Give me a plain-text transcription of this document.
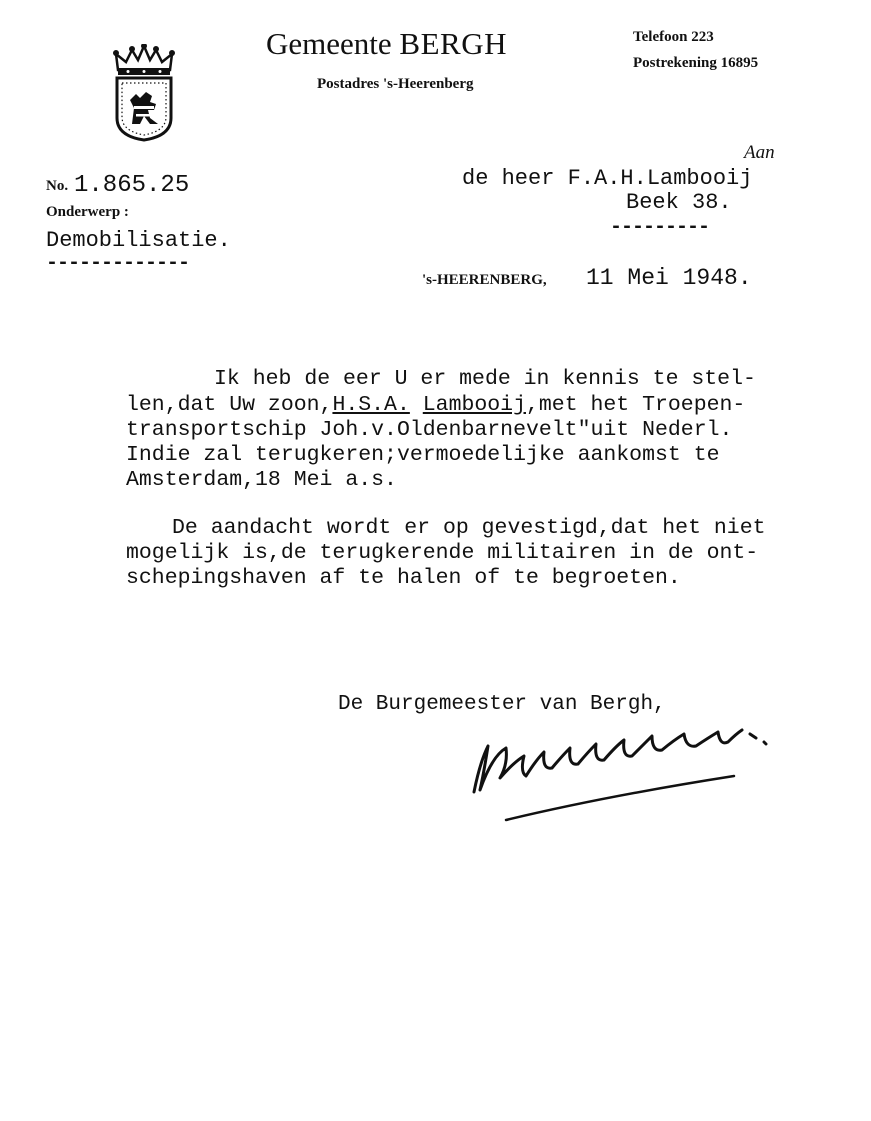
Gemeente BERGH
Postadres 's-Heerenberg
Telefoon 223
Postrekening 16895
No. 1.865.25
Onderwerp :
Demobilisatie.
-------------
Aan
de heer F.A.H.Lambooij
Beek 38.
---------
's-HEERENBERG, 11 Mei 1948.
Ik heb de eer U er mede in kennis te stel-
len,dat Uw zoon,H.S.A. Lambooij,met het Troepen-
transportschip Joh.v.Oldenbarnevelt"uit Nederl.
Indie zal terugkeren;vermoedelijke aankomst te
Amsterdam,18 Mei a.s.
De aandacht wordt er op gevestigd,dat het niet
mogelijk is,de terugkerende militairen in de ont-
schepingshaven af te halen of te begroeten.
De Burgemeester van Bergh,
